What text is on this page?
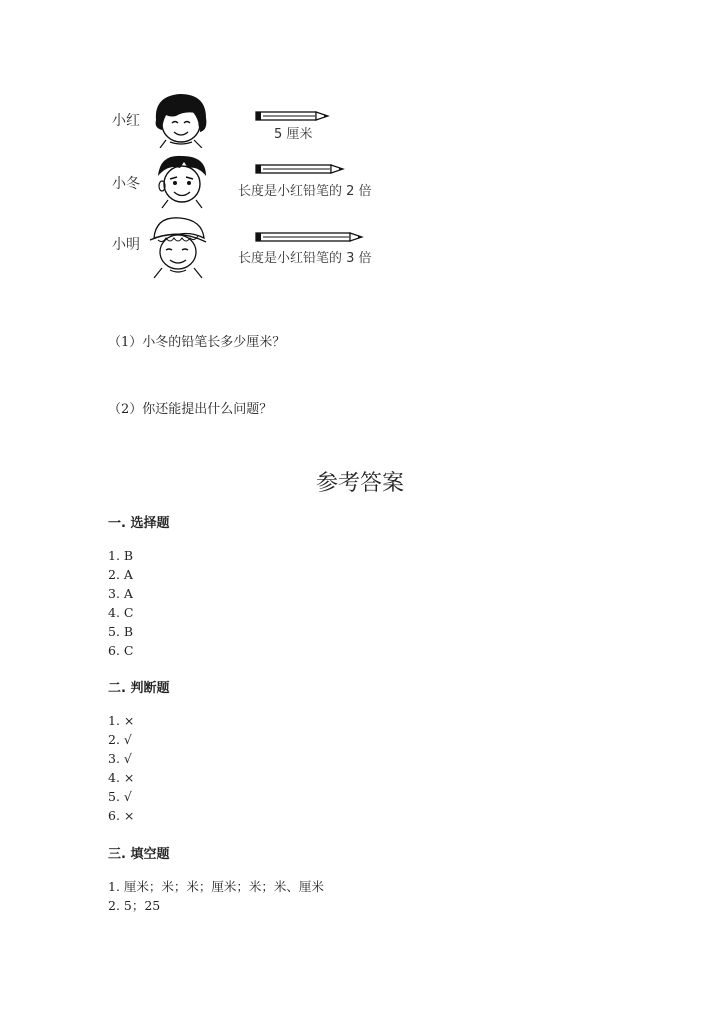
小红
5 厘米
小冬	长度是小红铅笔的 2 倍
小明
长度是小红铅笔的 3 倍
（1）小冬的铅笔长多少厘米？
（2）你还能提出什么问题？
参考答案
一. 选择题
1. B
2. A
3. A
4. C
5. B
6. C
二. 判断题
1. ×
2. √
3. √
4. ×
5. √
6. ×
三. 填空题
1. 厘米；米；米；厘米；米；米、厘米
2. 5；25
